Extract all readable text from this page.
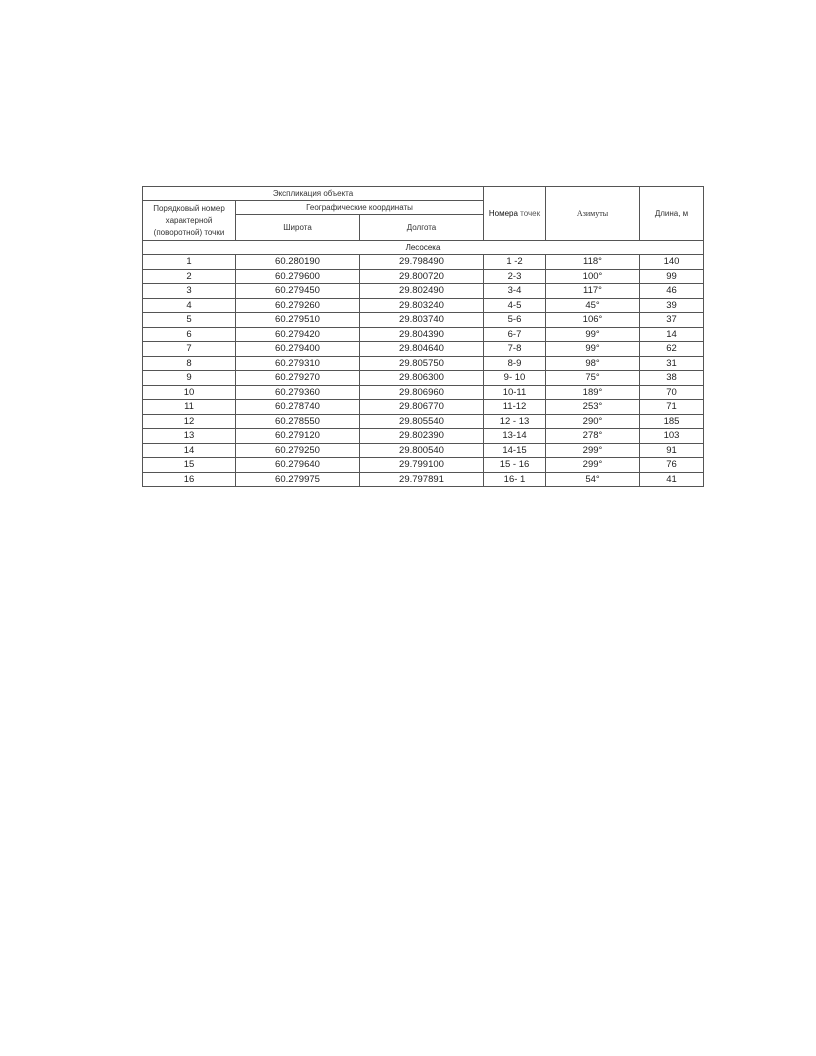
Экспликация объекта			Номера точек	Азимуты	Длина, м
Порядковый номер характерной (поворотной) точки	Географические координаты				
	Широта	Долгота			
Лесосека					
1	60.280190	29.798490	1 -2	118°	140
2	60.279600	29.800720	2-3	100°	99
3	60.279450	29.802490	3-4	117°	46
4	60.279260	29.803240	4-5	45°	39
5	60.279510	29.803740	5-6	106°	37
6	60.279420	29.804390	6-7	99°	14
7	60.279400	29.804640	7-8	99°	62
8	60.279310	29.805750	8-9	98°	31
9	60.279270	29.806300	9- 10	75°	38
10	60.279360	29.806960	10-11	189°	70
11	60.278740	29.806770	11-12	253°	71
12	60.278550	29.805540	12 - 13	290°	185
13	60.279120	29.802390	13-14	278°	103
14	60.279250	29.800540	14-15	299°	91
15	60.279640	29.799100	15 - 16	299°	76
16	60.279975	29.797891	16- 1	54°	41
